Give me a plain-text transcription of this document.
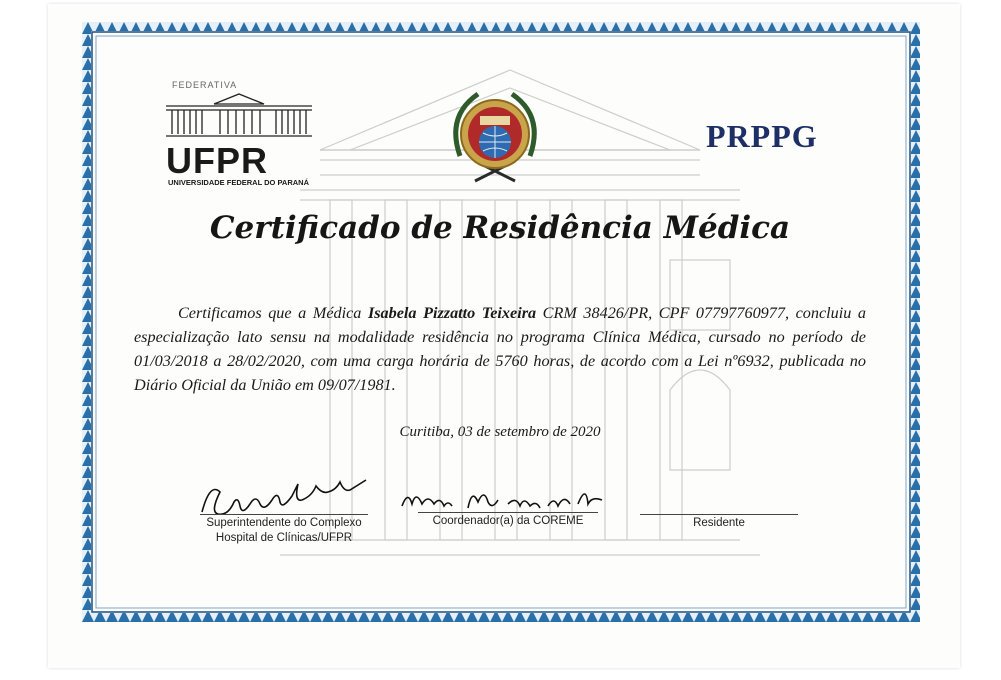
FEDERATIVA
UFPR
UNIVERSIDADE FEDERAL DO PARANÁ
PRPPG
Certificado de Residência Médica
Certificamos que a Médica Isabela Pizzatto Teixeira CRM 38426/PR, CPF 07797760977, concluiu a especialização lato sensu na modalidade residência no programa Clínica Médica, cursado no período de 01/03/2018 a 28/02/2020, com uma carga horária de 5760 horas, de acordo com a Lei nº6932, publicada no Diário Oficial da União em 09/07/1981.
Curitiba, 03 de setembro de 2020
Superintendente do Complexo
Hospital de Clínicas/UFPR
Coordenador(a) da COREME	Residente
